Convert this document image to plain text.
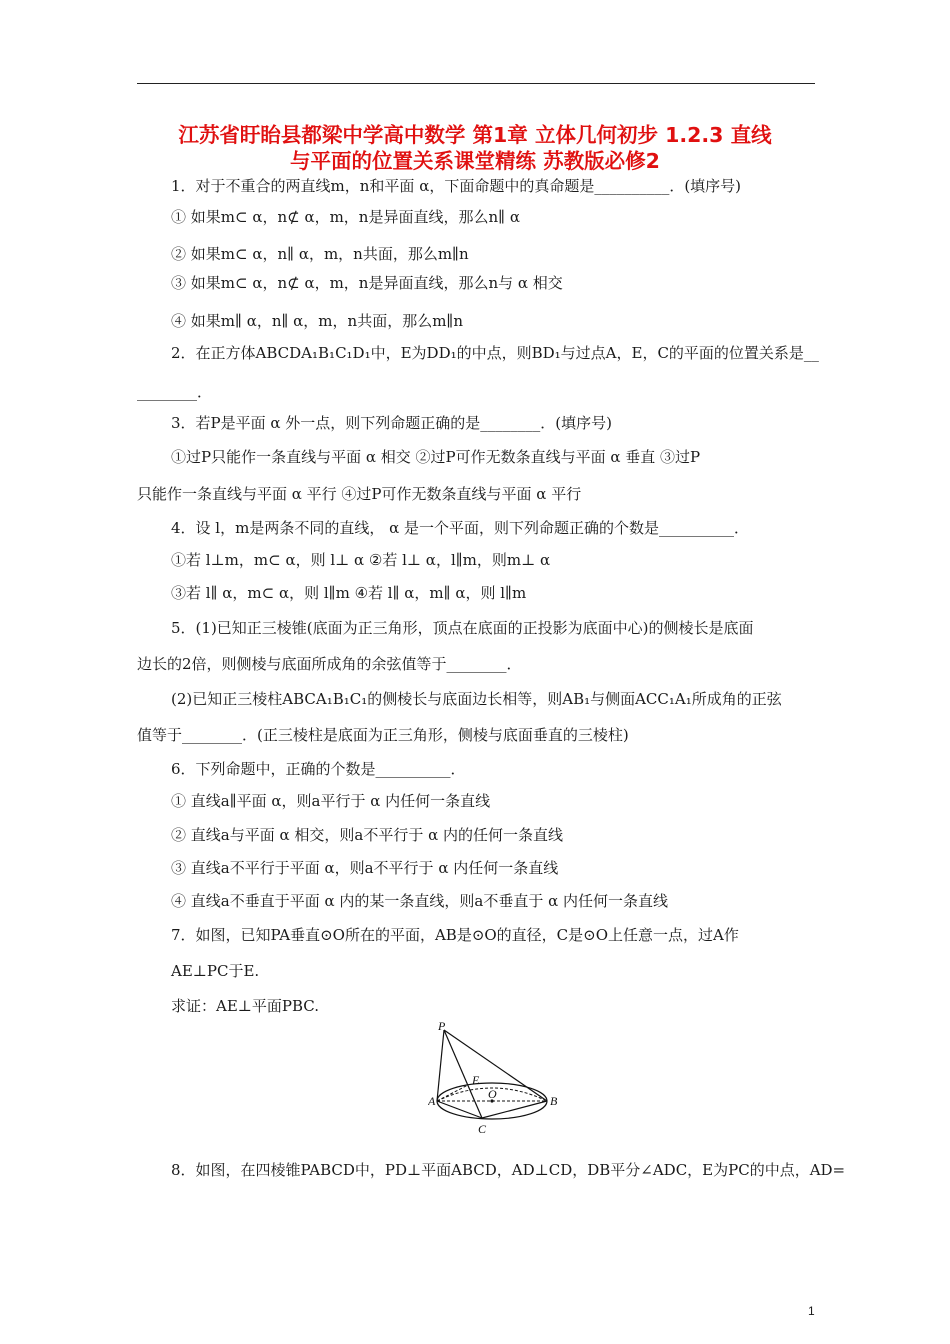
江苏省盱眙县都梁中学高中数学 第1章 立体几何初步 1.2.3 直线
与平面的位置关系课堂精练 苏教版必修2
1．对于不重合的两直线m，n和平面 α，下面命题中的真命题是__________．(填序号)
① 如果m⊂ α，n⊄ α，m，n是异面直线，那么n∥ α
② 如果m⊂ α，n∥ α，m，n共面，那么m∥n
③ 如果m⊂ α，n⊄ α，m，n是异面直线，那么n与 α 相交
④ 如果m∥ α，n∥ α，m，n共面，那么m∥n
2．在正方体ABCDA₁B₁C₁D₁中，E为DD₁的中点，则BD₁与过点A，E，C的平面的位置关系是__
________．
3．若P是平面 α 外一点，则下列命题正确的是________．(填序号)
①过P只能作一条直线与平面 α 相交 ②过P可作无数条直线与平面 α 垂直 ③过P
只能作一条直线与平面 α 平行 ④过P可作无数条直线与平面 α 平行
4．设 l，m是两条不同的直线， α 是一个平面，则下列命题正确的个数是__________．
①若 l⊥m，m⊂ α，则 l⊥ α ②若 l⊥ α，l∥m，则m⊥ α
③若 l∥ α，m⊂ α，则 l∥m ④若 l∥ α，m∥ α，则 l∥m
5．(1)已知正三棱锥(底面为正三角形，顶点在底面的正投影为底面中心)的侧棱长是底面
边长的2倍，则侧棱与底面所成角的余弦值等于________．
(2)已知正三棱柱ABCA₁B₁C₁的侧棱长与底面边长相等，则AB₁与侧面ACC₁A₁所成角的正弦
值等于________．(正三棱柱是底面为正三角形，侧棱与底面垂直的三棱柱)
6．下列命题中，正确的个数是__________．
① 直线a∥平面 α，则a平行于 α 内任何一条直线
② 直线a与平面 α 相交，则a不平行于 α 内的任何一条直线
③ 直线a不平行于平面 α，则a不平行于 α 内任何一条直线
④ 直线a不垂直于平面 α 内的某一条直线，则a不垂直于 α 内任何一条直线
7．如图，已知PA垂直⊙O所在的平面，AB是⊙O的直径，C是⊙O上任意一点，过A作
AE⊥PC于E.
求证：AE⊥平面PBC.
P
E
O
A	B
C
8．如图，在四棱锥PABCD中，PD⊥平面ABCD，AD⊥CD，DB平分∠ADC，E为PC的中点，AD=
1
